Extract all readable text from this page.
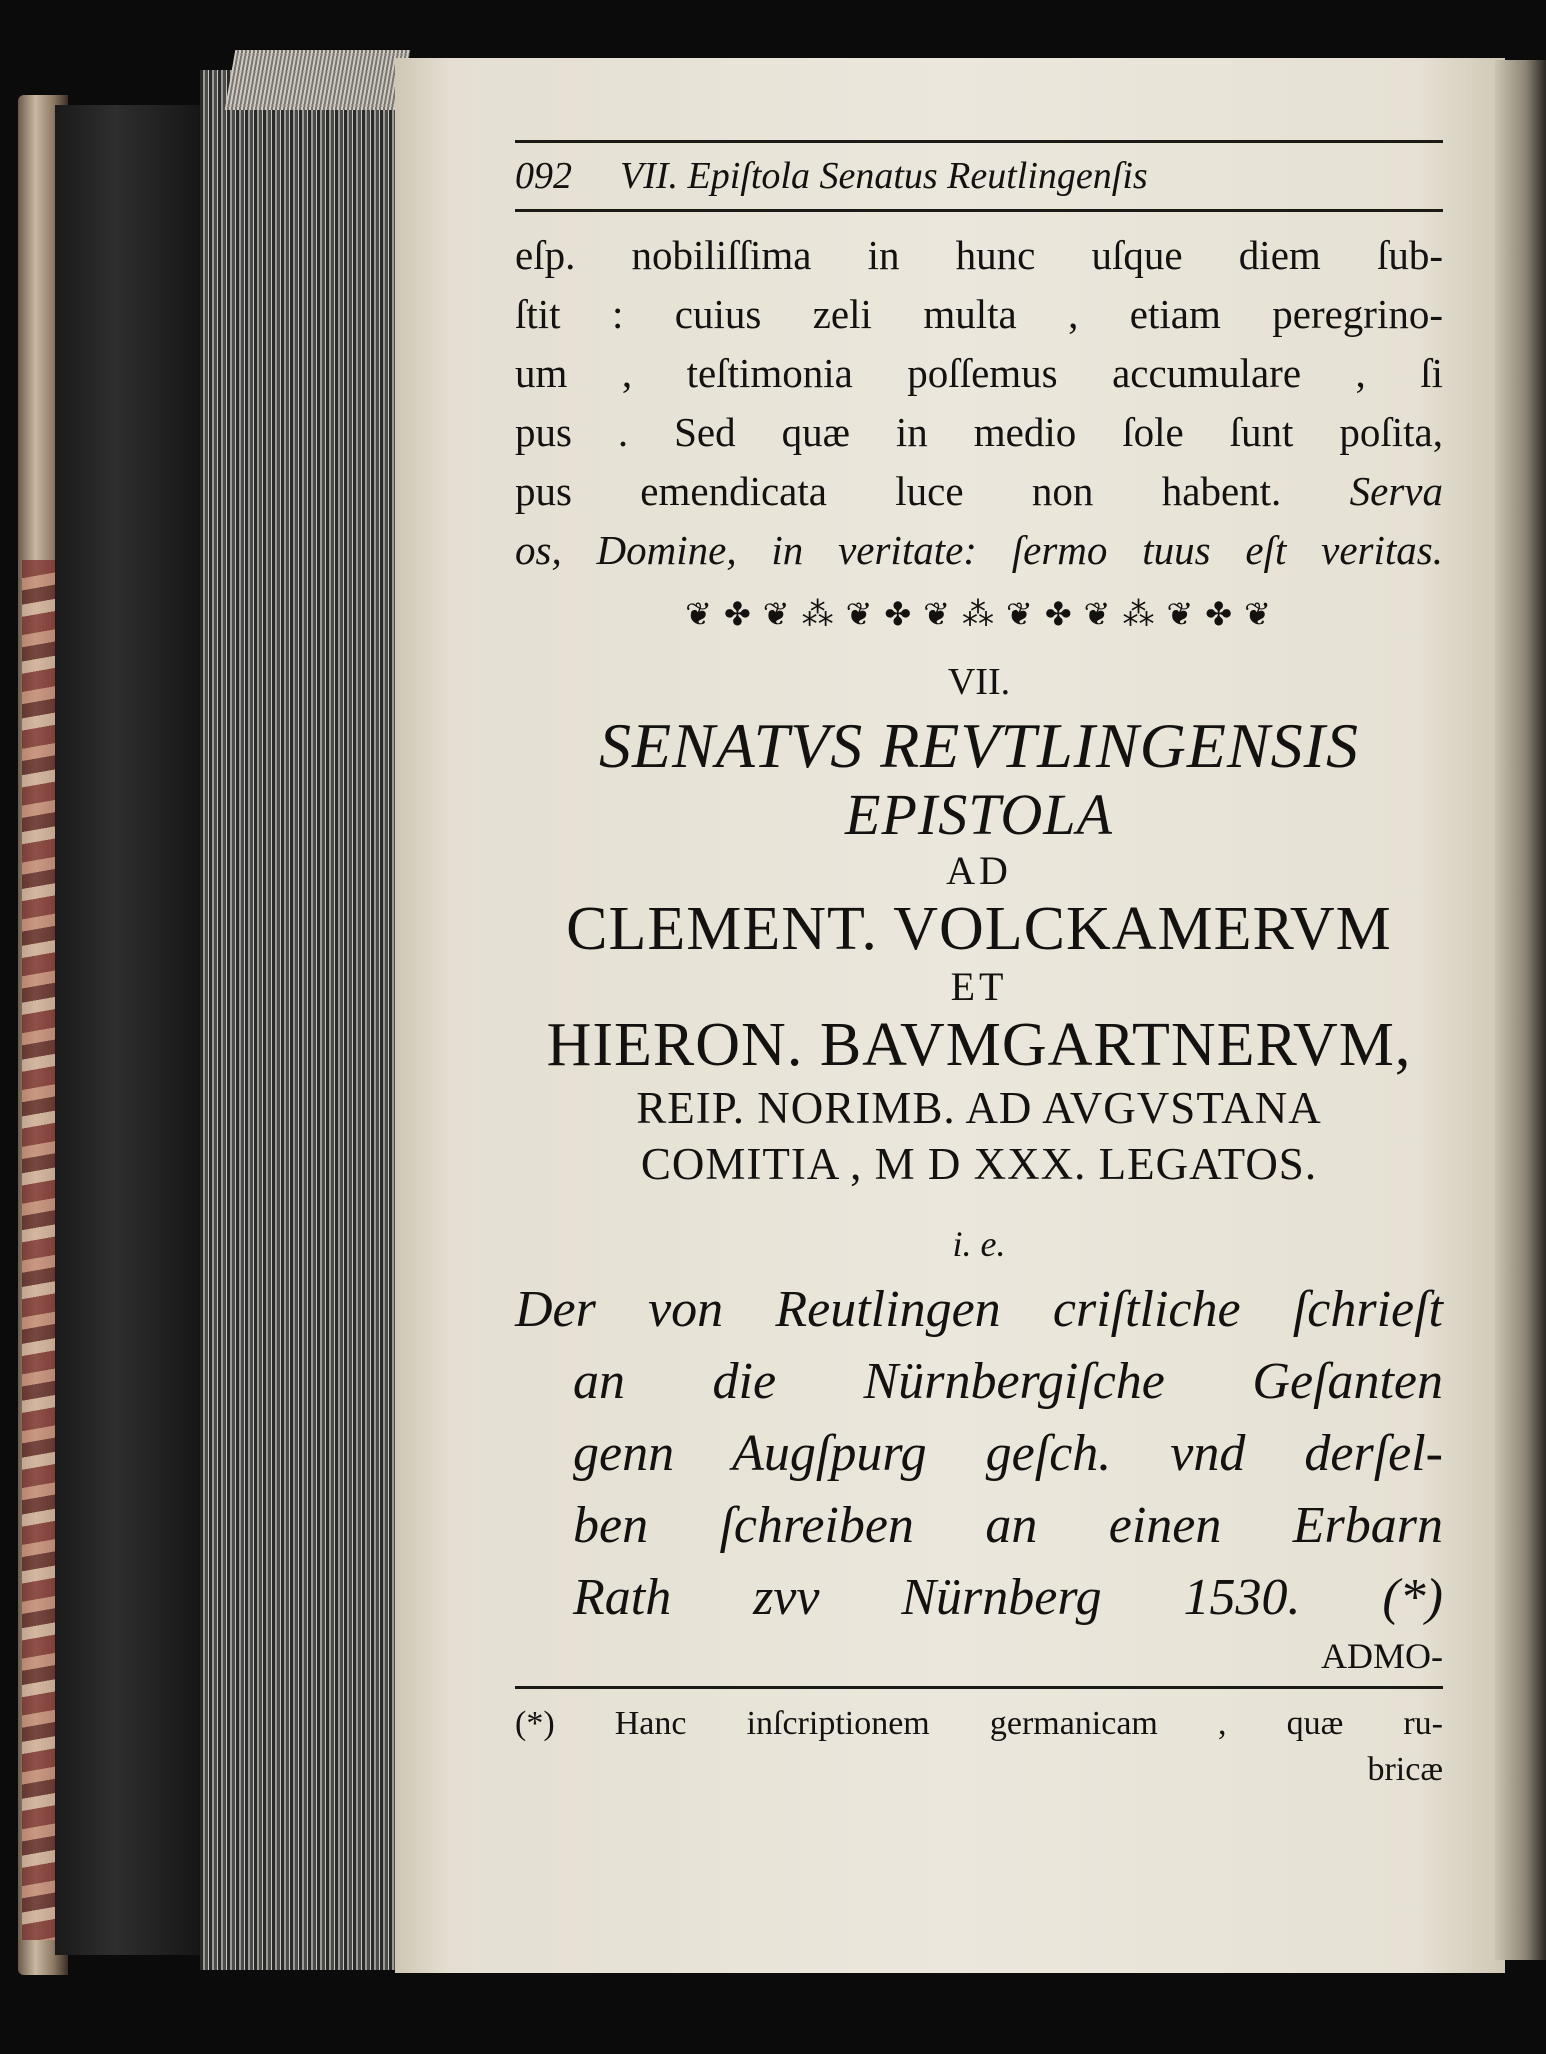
092	VII. Epiſtola Senatus Reutlingenſis
eſp. nobiliſſima in hunc uſque diem ſub-
ſtit : cuius zeli multa , etiam peregrino-
um , teſtimonia poſſemus accumulare , ſi
pus . Sed quæ in medio ſole ſunt poſita,
pus emendicata luce non habent. Serva
os, Domine, in veritate: ſermo tuus eſt veritas.
❦ ✤ ❦ ⁂ ❦ ✤ ❦ ⁂ ❦ ✤ ❦ ⁂ ❦ ✤ ❦
VII.
SENATVS REVTLINGENSIS
EPISTOLA
AD
CLEMENT. VOLCKAMERVM
ET
HIERON. BAVMGARTNERVM,
REIP. NORIMB. AD AVGVSTANA
COMITIA , M D XXX. LEGATOS.
i. e.
Der von Reutlingen criſtliche ſchrieſt
an die Nürnbergiſche Geſanten
genn Augſpurg geſch. vnd derſel-
ben ſchreiben an einen Erbarn
Rath zvv Nürnberg 1530. (*)
ADMO-
(*) Hanc inſcriptionem germanicam , quæ ru-
bricæ
